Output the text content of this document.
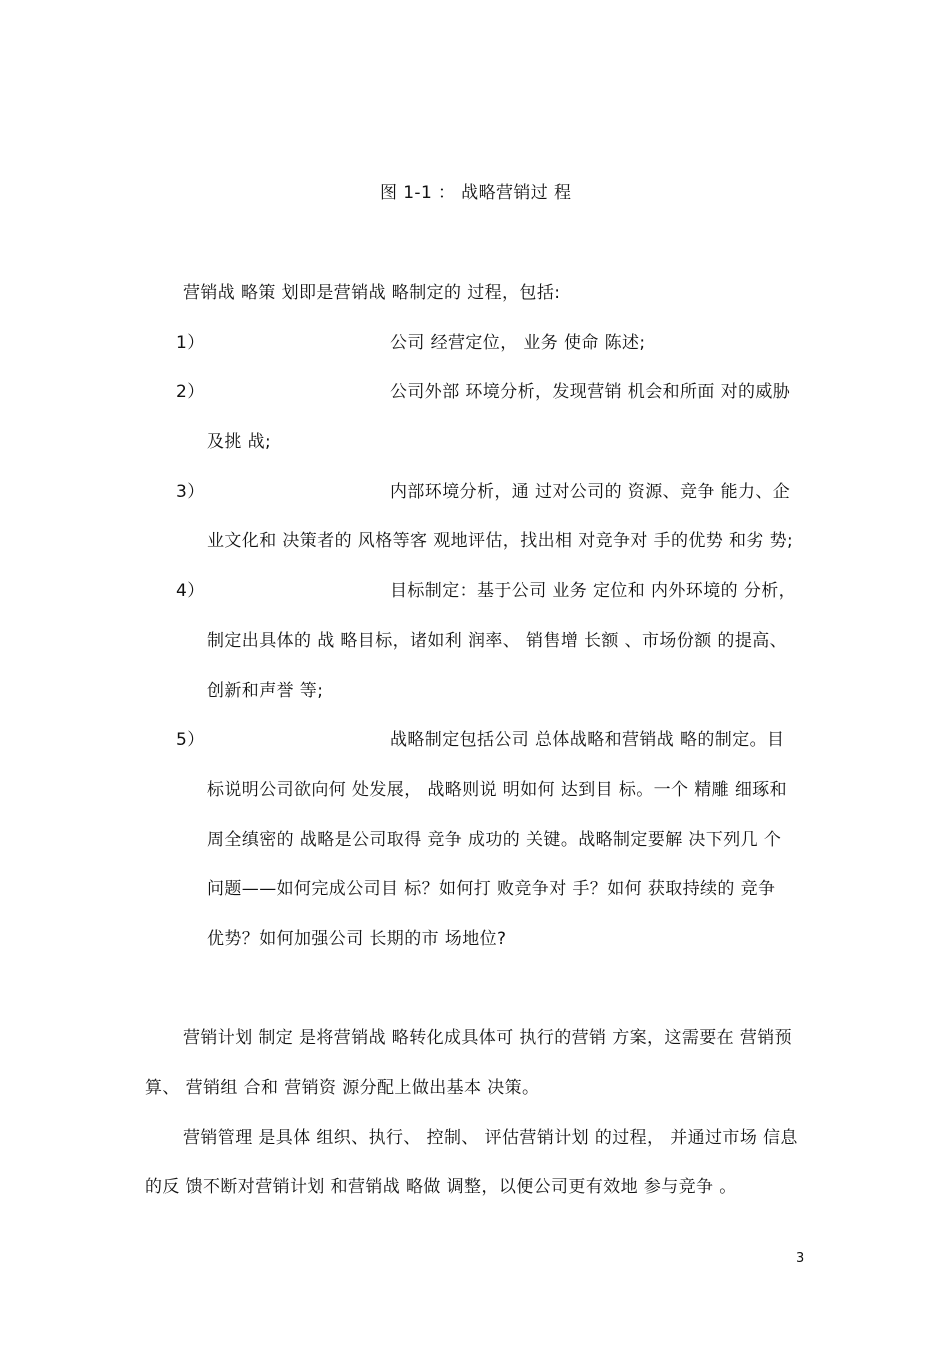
图 1-1 ： 战略营销过 程
营销战 略策 划即是营销战 略制定的 过程，包括:
1）	公司 经营定位， 业务 使命 陈述;
2）	公司外部 环境分析，发现营销 机会和所面 对的威胁
及挑 战;
3）	内部环境分析，通 过对公司的 资源、竞争 能力、企
业文化和 决策者的 风格等客 观地评估，找出相 对竞争对 手的优势 和劣 势;
4）	目标制定：基于公司 业务 定位和 内外环境的 分析，
制定出具体的 战 略目标，诸如利 润率、 销售增 长额 、市场份额 的提高、
创新和声誉 等;
5）	战略制定包括公司 总体战略和营销战 略的制定。目
标说明公司欲向何 处发展， 战略则说 明如何 达到目 标。一个 精雕 细琢和
周全缜密的 战略是公司取得 竞争 成功的 关键。战略制定要解 决下列几 个
问题——如何完成公司目 标？如何打 败竞争对 手？如何 获取持续的 竞争
优势？如何加强公司 长期的市 场地位?
营销计划 制定 是将营销战 略转化成具体可 执行的营销 方案，这需要在 营销预
算、 营销组 合和 营销资 源分配上做出基本 决策。
营销管理 是具体 组织、执行、 控制、 评估营销计划 的过程， 并通过市场 信息
的反 馈不断对营销计划 和营销战 略做 调整，以便公司更有效地 参与竞争 。
3
